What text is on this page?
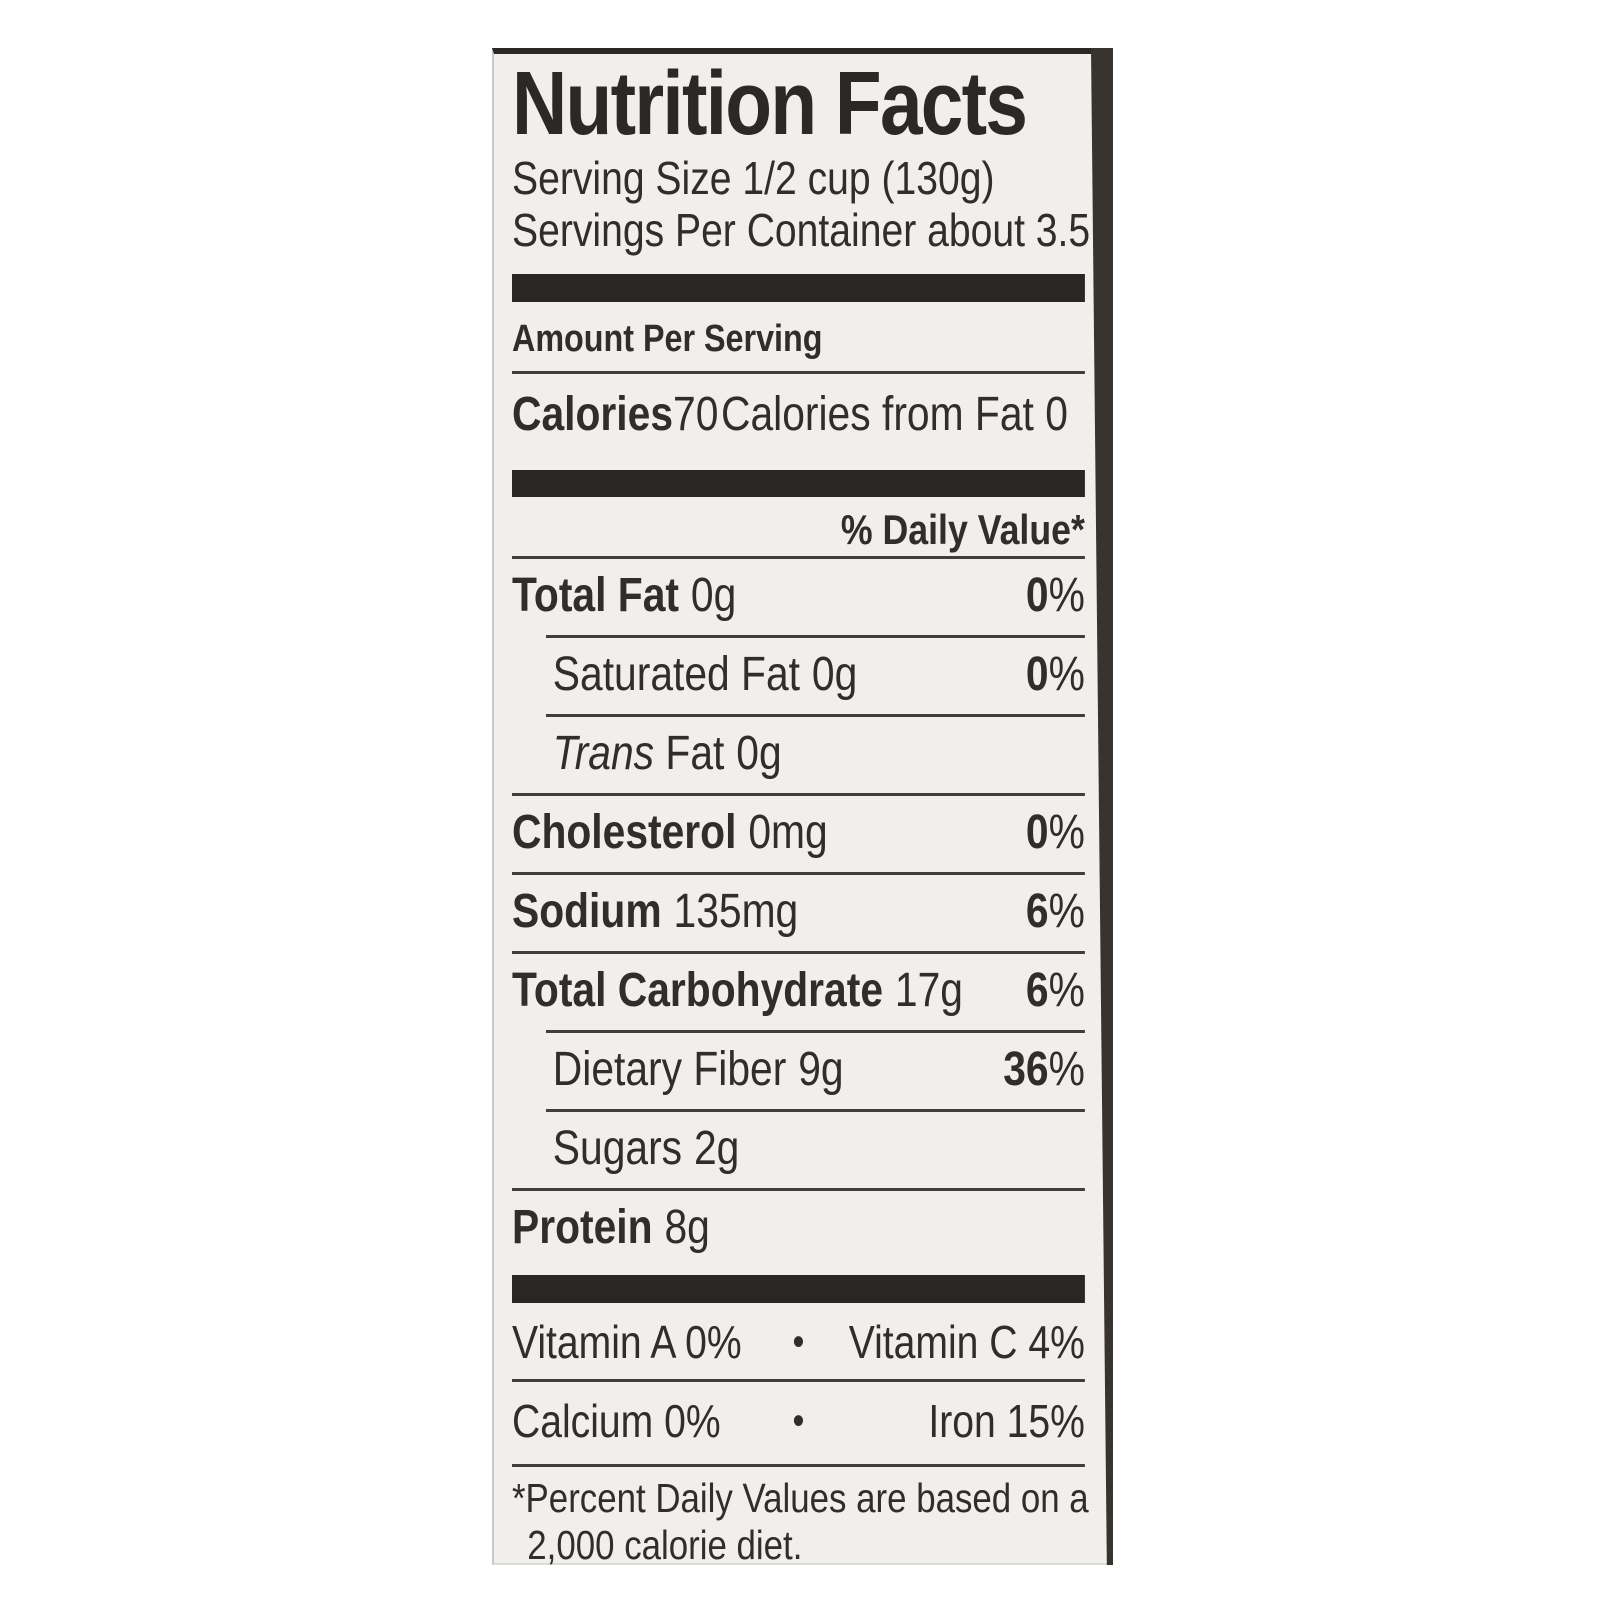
Nutrition Facts
Serving Size 1/2 cup (130g)
Servings Per Container about 3.5
Amount Per Serving
Calories70 Calories from Fat 0
% Daily Value*
Total Fat 0g	0%
Saturated Fat 0g	0%
Trans Fat 0g
Cholesterol 0mg	0%
Sodium 135mg	6%
Total Carbohydrate 17g 6%
Dietary Fiber 9g	36%
Sugars 2g
Protein 8g
Vitamin A 0%	• Vitamin C 4%
Calcium 0%	•	Iron 15%
*Percent Daily Values are based on a
2,000 calorie diet.
